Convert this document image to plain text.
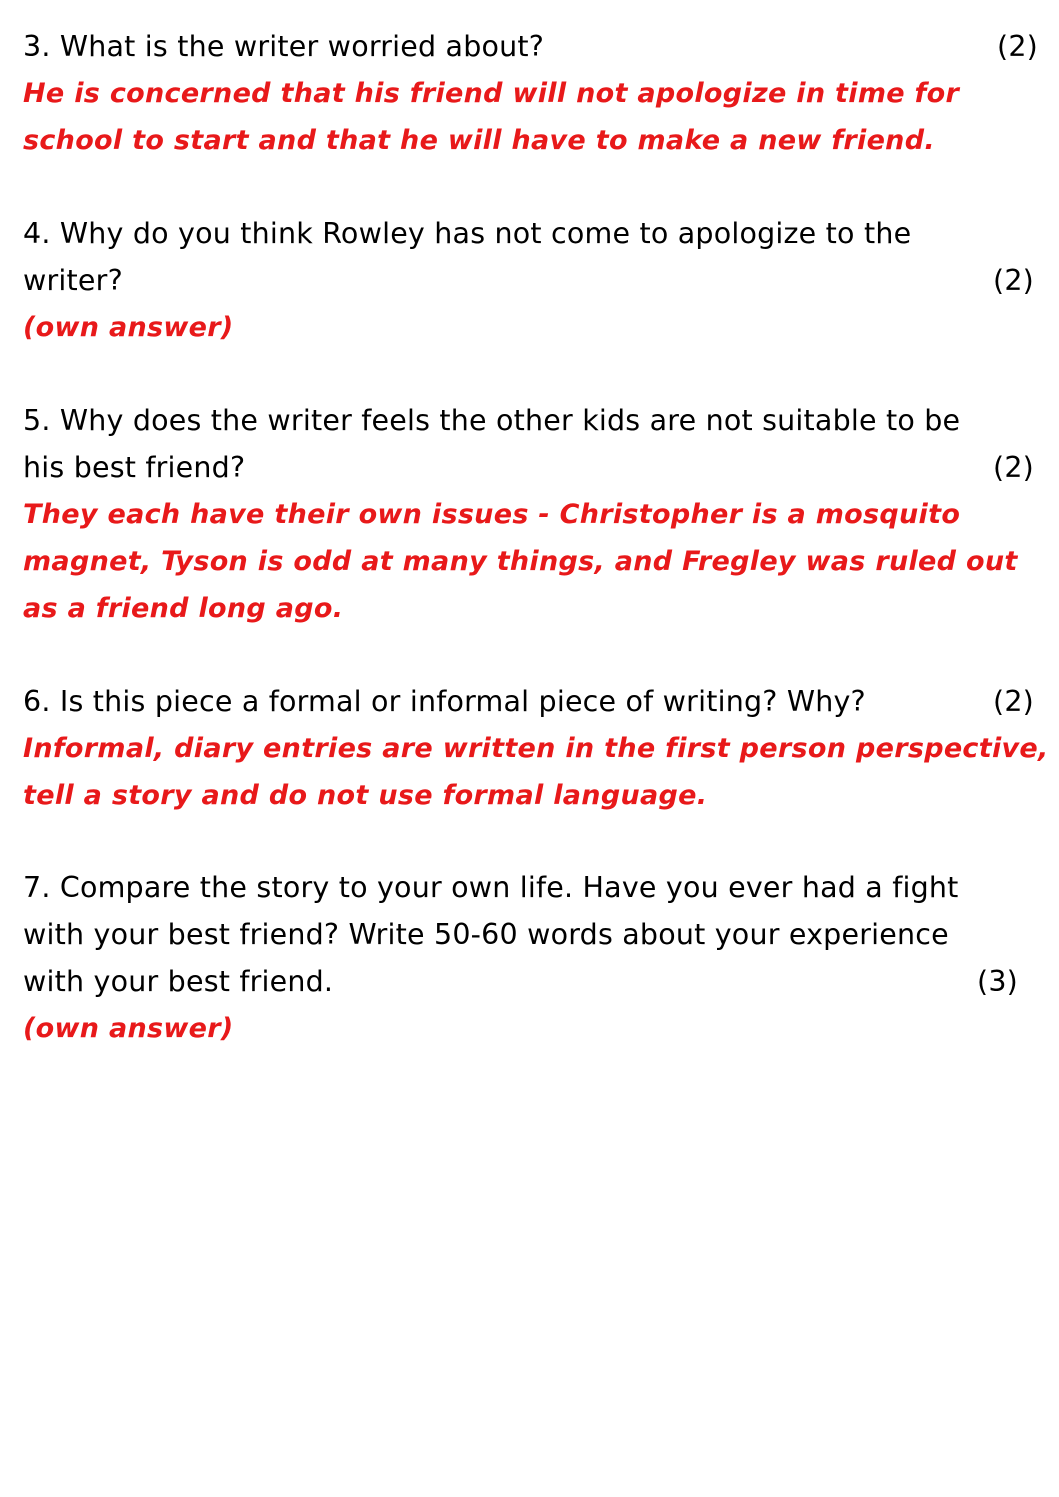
3. What is the writer worried about?	(2)
He is concerned that his friend will not apologize in time for
school to start and that he will have to make a new friend.
4. Why do you think Rowley has not come to apologize to the
writer?	(2)
(own answer)
5. Why does the writer feels the other kids are not suitable to be
his best friend?	(2)
They each have their own issues - Christopher is a mosquito
magnet, Tyson is odd at many things, and Fregley was ruled out
as a friend long ago.
6. Is this piece a formal or informal piece of writing? Why?	(2)
Informal, diary entries are written in the first person perspective,
tell a story and do not use formal language.
7. Compare the story to your own life. Have you ever had a fight
with your best friend? Write 50-60 words about your experience
with your best friend.	(3)
(own answer)
